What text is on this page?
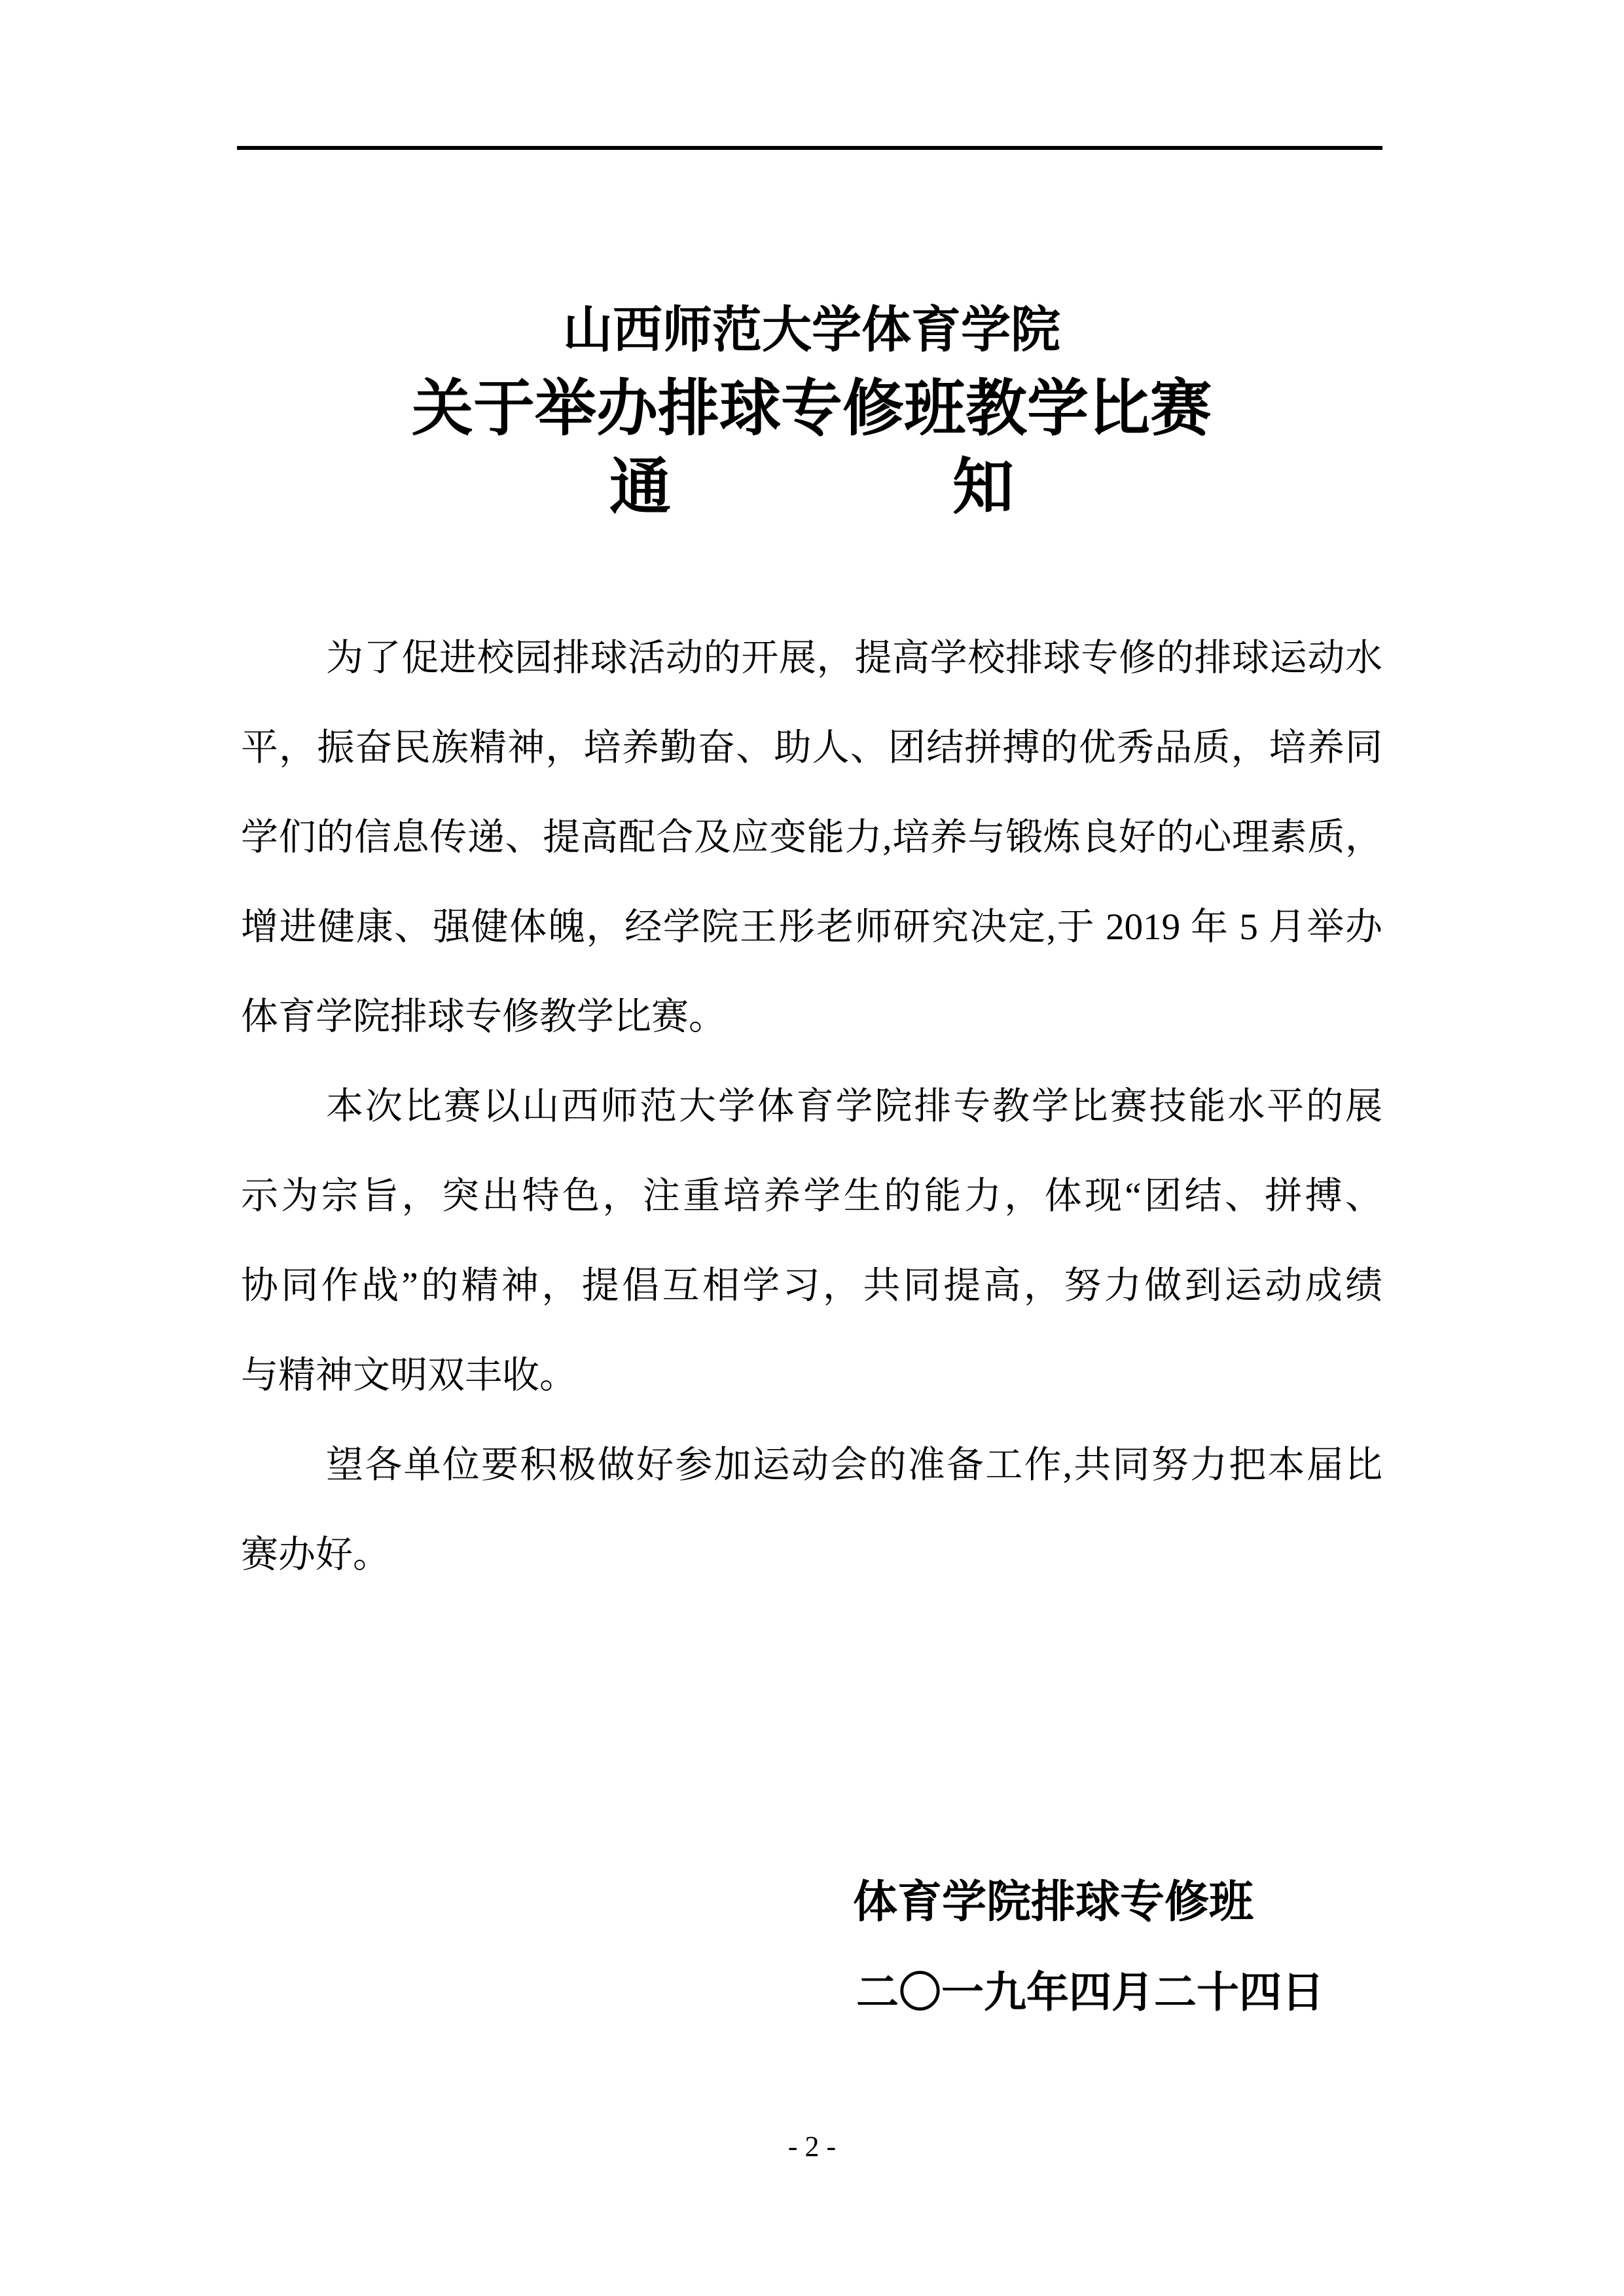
山西师范大学体育学院
关于举办排球专修班教学比赛
通	知
为了促进校园排球活动的开展，提高学校排球专修的排球运动水
平，振奋民族精神，培养勤奋、助人、团结拼搏的优秀品质，培养同
学们的信息传递、提高配合及应变能力,培养与锻炼良好的心理素质，
增进健康、强健体魄，经学院王彤老师研究决定,于 2019 年 5 月举办
体育学院排球专修教学比赛。
本次比赛以山西师范大学体育学院排专教学比赛技能水平的展
示为宗旨，突出特色，注重培养学生的能力，体现“团结、拼搏、
协同作战”的精神，提倡互相学习，共同提高，努力做到运动成绩
与精神文明双丰收。
望各单位要积极做好参加运动会的准备工作,共同努力把本届比
赛办好。
体育学院排球专修班
二〇一九年四月二十四日
- 2 -
